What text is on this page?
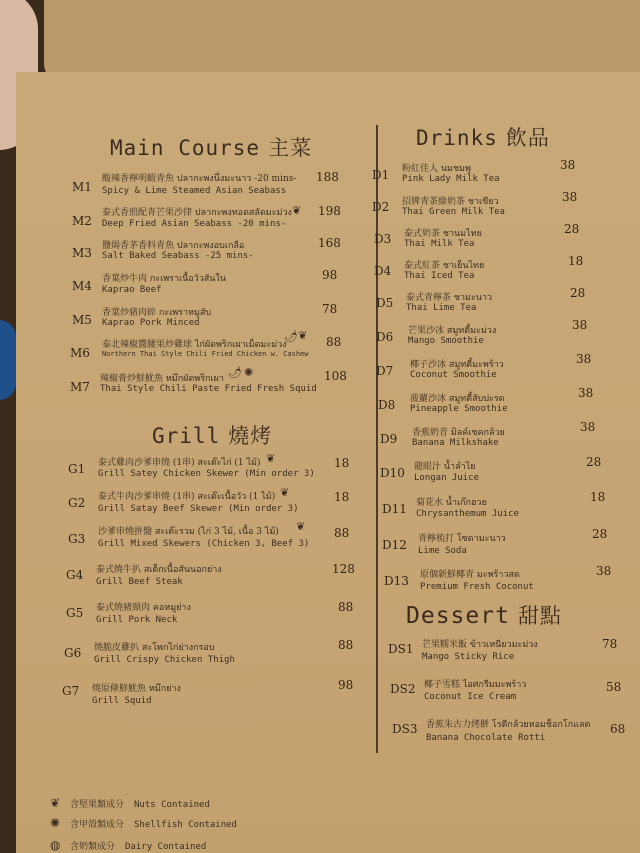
Main Course 主菜
Grill 燒烤
Drinks 飲品
Dessert 甜點
M1
酸辣香檸明蝦青魚 ปลากะพงนึ่งมะนาว -20 mins-
Spicy & Lime Steamed Asian Seabass
188
M2
泰式香煎配青芒果沙律 ปลากะพงทอดสลัดมะม่วง
Deep Fried Asian Seabass -20 mins-
198
M3 鹽焗香茅香料青魚 ปลากะพงอบเกลือ
Salt Baked Seabass -25 mins-
168
M4 香葉炒牛肉 กะเพราเนื้อวัวสันใน
Kaprao Beef
98
M5 香葉炒豬肉碎 กะเพราหมูสับ
Kaprao Pork Minced
78
M6
泰北辣椒醬腰果炒雞球 ไก่ผัดพริกเผาเม็ดมะม่วง
Northern Thai Style Chili Fried Chicken w. Cashew
88
M7
辣椒膏炒鮮魷魚 หมึกผัดพริกเผา
Thai Style Chili Paste Fried Fresh Squid
108
❦
🌶 ❦
🌶 ✺
G1 泰式雞肉沙爹串燒 (1串) สะเต๊ะไก่ (1 ไม้)
Grill Satey Chicken Skewer (Min order 3)
18
G2 泰式牛肉沙爹串燒 (1串) สะเต๊ะเนื้อวัว (1 ไม้)
Grill Satay Beef Skewer (Min order 3)
18
G3 沙爹串燒拼盤 สะเต๊ะรวม (ไก่ 3 ไม้, เนื้อ 3 ไม้)
Grill Mixed Skewers (Chicken 3, Beef 3)
88
G4 泰式燒牛扒 สเต็กเนื้อสันนอกย่าง
Grill Beef Steak
128
G5 泰式燒豬頸肉 คอหมูย่าง
Grill Pork Neck
88
G6 燒脆皮雞扒 สะโพกไก่ย่างกรอบ
Grill Crispy Chicken Thigh
88
G7 燒原條鮮魷魚 หมึกย่าง
Grill Squid
98
❦
❦
❦
D1 粉紅佳人 นมชมพู
Pink Lady Milk Tea
38
D2 招牌青茶綠奶茶 ชาเขียว
Thai Green Milk Tea
38
D3 泰式奶茶 ชานมไทย
Thai Milk Tea
28
D4 泰式紅茶 ชาเย็นไทย
Thai Iced Tea
18
D5 泰式青檸茶 ชามะนาว
Thai Lime Tea
28
D6 芒果沙冰 สมูทตี้มะม่วง
Mango Smoothie
38
D7 椰子沙冰 สมูทตี้มะพร้าว
Coconut Smoothie
38
D8 菠蘿沙冰 สมูทตี้สับปะรด
Pineapple Smoothie
38
D9 香蕉奶昔 มิลค์เชคกล้วย
Banana Milkshake
38
D10 龍眼汁 น้ำลำไย
Longan Juice
28
D11 菊花水 น้ำเก๊กฮวย
Chrysanthemum Juice
18
D12 青檸梳打 โซดามะนาว
Lime Soda
28
D13 原個新鮮椰青 มะพร้าวสด
Premium Fresh Coconut
38
DS1 芒果糯米飯 ข้าวเหนียวมะม่วง
Mango Sticky Rice
78
DS2 椰子雪糕 ไอศกรีมมะพร้าว
Coconut Ice Cream
58
DS3 香蕉朱古力烤餅 โรตีกล้วยหอมช็อกโกแลต
Banana Chocolate Rotti
68
❦ 含堅果類成分 Nuts Contained
✺ 含甲殼類成分 Shellfish Contained
◍ 含奶類成分 Dairy Contained
